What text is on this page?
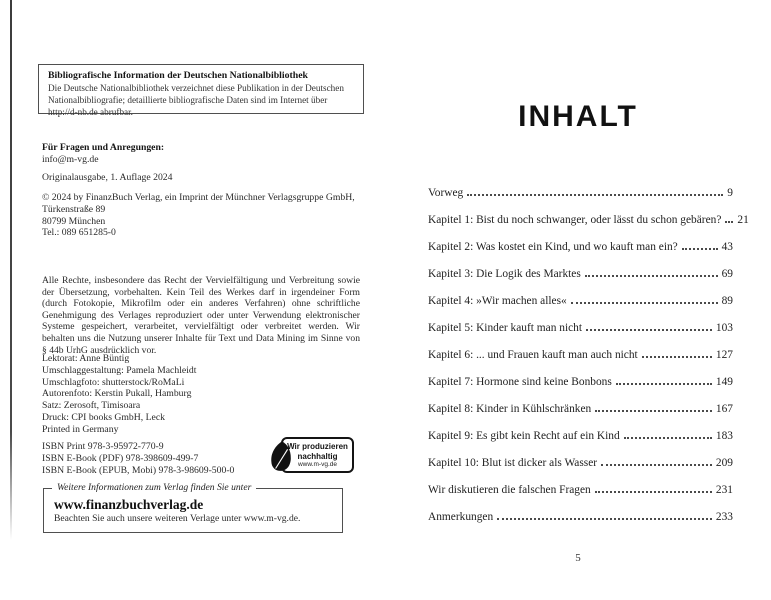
Bibliografische Information der Deutschen Nationalbibliothek
Die Deutsche Nationalbibliothek verzeichnet diese Publikation in der Deutschen Nationalbibliografie; detaillierte bibliografische Daten sind im Internet über http://d-nb.de abrufbar.
Für Fragen und Anregungen:
info@m-vg.de
Originalausgabe, 1. Auflage 2024
© 2024 by FinanzBuch Verlag, ein Imprint der Münchner Verlagsgruppe GmbH,
Türkenstraße 89
80799 München
Tel.: 089 651285-0
Alle Rechte, insbesondere das Recht der Vervielfältigung und Verbreitung sowie der Übersetzung, vorbehalten. Kein Teil des Werkes darf in irgendeiner Form (durch Fotokopie, Mikrofilm oder ein anderes Verfahren) ohne schriftliche Genehmigung des Verlages reproduziert oder unter Verwendung elektronischer Systeme gespeichert, verarbeitet, vervielfältigt oder verbreitet werden. Wir behalten uns die Nutzung unserer Inhalte für Text und Data Mining im Sinne von § 44b UrhG ausdrücklich vor.
Lektorat: Anne Büntig
Umschlaggestaltung: Pamela Machleidt
Umschlagfoto: shutterstock/RoMaLi
Autorenfoto: Kerstin Pukall, Hamburg
Satz: Zerosoft, Timisoara
Druck: CPI books GmbH, Leck
Printed in Germany
ISBN Print 978-3-95972-770-9
ISBN E-Book (PDF) 978-398609-499-7
ISBN E-Book (EPUB, Mobi) 978-3-98609-500-0
Wir produzieren
nachhaltig
www.m-vg.de
Weitere Informationen zum Verlag finden Sie unter
www.finanzbuchverlag.de
Beachten Sie auch unsere weiteren Verlage unter www.m-vg.de.
INHALT
Vorweg	9
Kapitel 1: Bist du noch schwanger, oder lässt du schon gebären? 21
Kapitel 2: Was kostet ein Kind, und wo kauft man ein?	43
Kapitel 3: Die Logik des Marktes	69
Kapitel 4: »Wir machen alles«	89
Kapitel 5: Kinder kauft man nicht	103
Kapitel 6: ... und Frauen kauft man auch nicht	127
Kapitel 7: Hormone sind keine Bonbons	149
Kapitel 8: Kinder in Kühlschränken	167
Kapitel 9: Es gibt kein Recht auf ein Kind	183
Kapitel 10: Blut ist dicker als Wasser	209
Wir diskutieren die falschen Fragen	231
Anmerkungen	233
5
